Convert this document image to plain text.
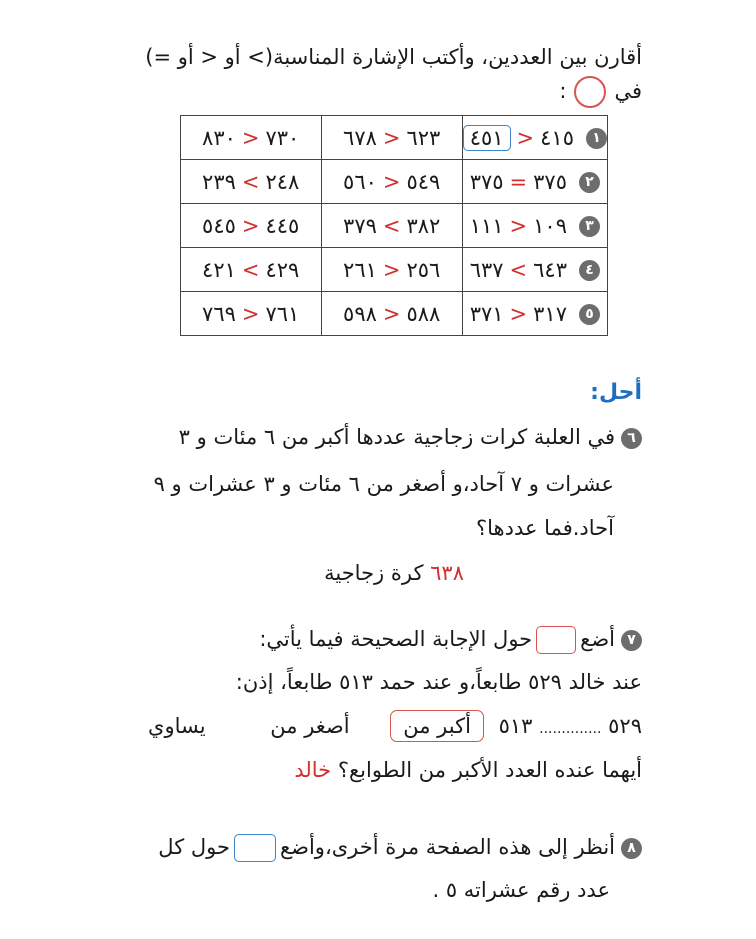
أقارن بين العددين، وأكتب الإشارة المناسبة(> أو < أو =)
في:
١٤١٥<٤٥١	٦٢٣<٦٧٨	٧٣٠<٨٣٠
٢٣٧٥=٣٧٥	٥٤٩<٥٦٠	٢٤٨>٢٣٩
٣١٠٩<١١١	٣٨٢>٣٧٩	٤٤٥<٥٤٥
٤٦٤٣>٦٣٧	٢٥٦<٢٦١	٤٢٩>٤٢١
٥٣١٧<٣٧١	٥٨٨<٥٩٨	٧٦١<٧٦٩
أحل:
٦في العلبة كرات زجاجية عددها أكبر من ٦ مئات و ٣
عشرات و ٧ آحاد،و أصغر من ٦ مئات و ٣ عشرات و ٩
آحاد.فما عددها؟
٦٣٨ كرة زجاجية
٧أضعحول الإجابة الصحيحة فيما يأتي:
عند خالد ٥٢٩ طابعاً،و عند حمد ٥١٣ طابعاً، إذن:
٥٢٩ .............. ٥١٣ أكبر من أصغر من يساوي
أيهما عنده العدد الأكبر من الطوابع؟ خالد
٨أنظر إلى هذه الصفحة مرة أخرى،وأضعحول كل
عدد رقم عشراته ٥ .
